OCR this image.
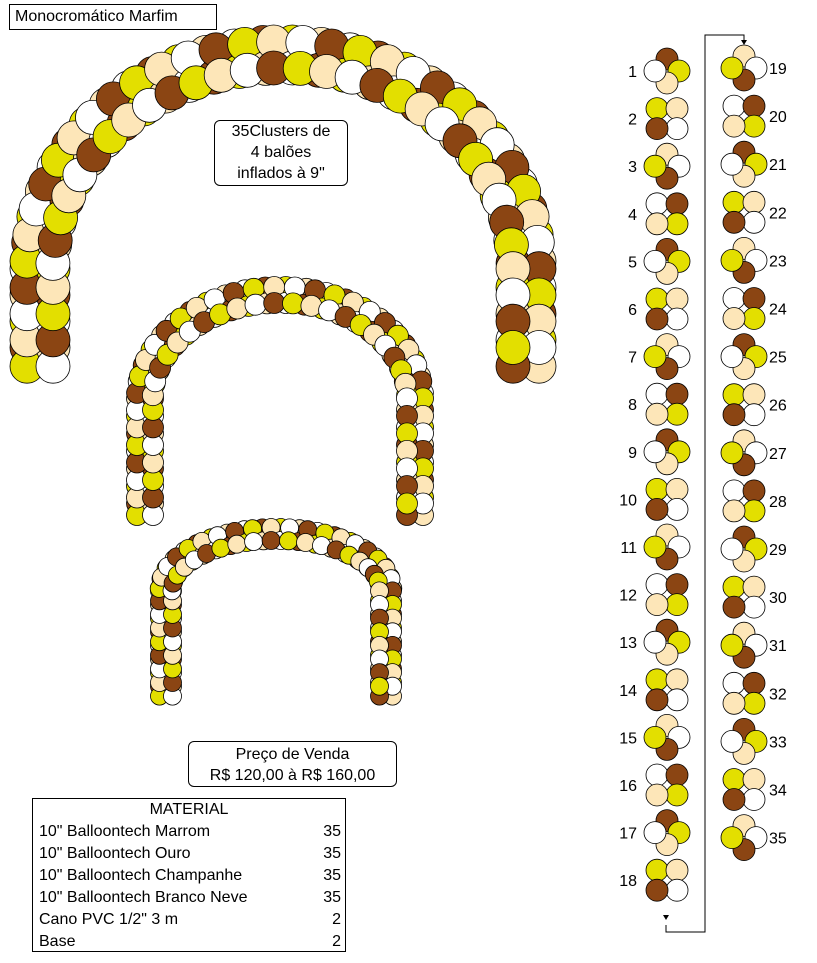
1
2
3
4
5
6
7
8
9
10
11
12
13
14
15
16
17
18
19
20
21
22
23
24
25
26
27
28
29
30
31
32
33
34
35
Monocromático Marfim
35Clusters de
4 balões
inflados à 9"
Preço de Venda
R$ 120,00 à R$ 160,00
MATERIAL
10" Balloontech Marrom	35
10" Balloontech Ouro	35
10" Balloontech Champanhe	35
10" Balloontech Branco Neve	35
Cano PVC 1/2" 3 m	2
Base	2
